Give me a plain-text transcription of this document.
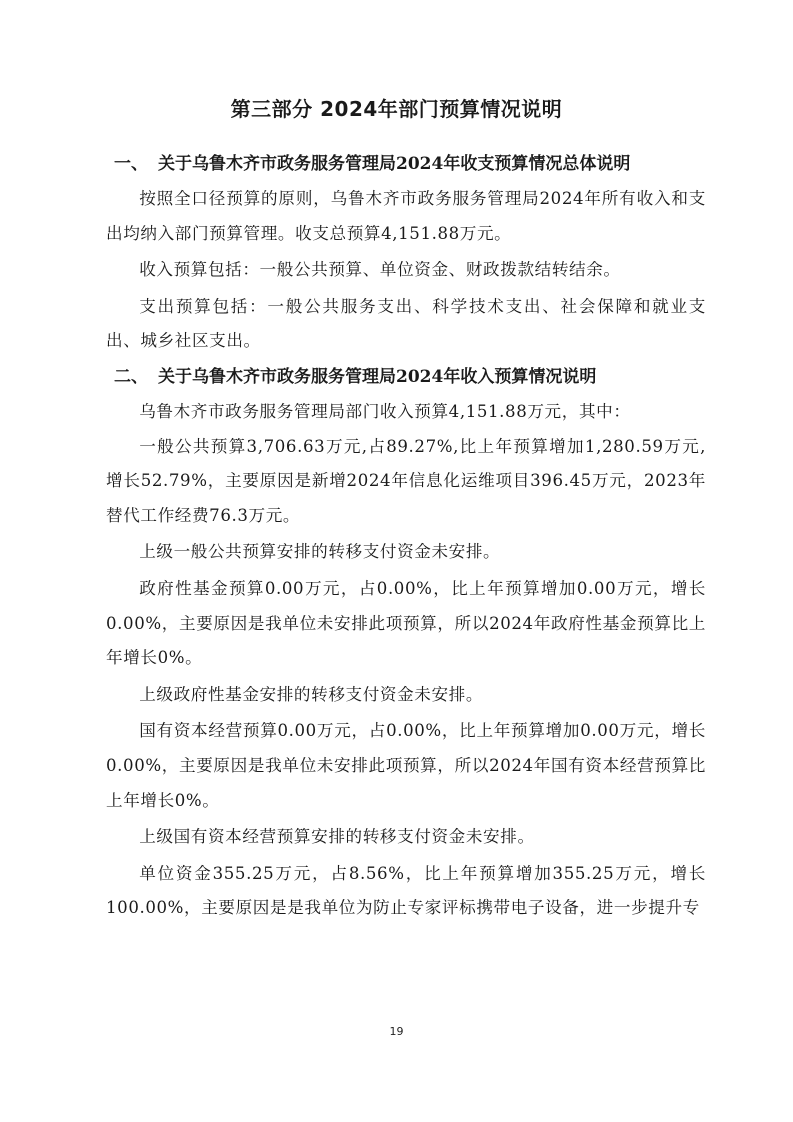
第三部分 2024年部门预算情况说明
一、 关于乌鲁木齐市政务服务管理局2024年收支预算情况总体说明

按照全口径预算的原则，乌鲁木齐市政务服务管理局2024年所有收入和支出均纳入部门预算管理。收支总预算4,151.88万元。

收入预算包括：一般公共预算、单位资金、财政拨款结转结余。

支出预算包括：一般公共服务支出、科学技术支出、社会保障和就业支出、城乡社区支出。

二、 关于乌鲁木齐市政务服务管理局2024年收入预算情况说明

乌鲁木齐市政务服务管理局部门收入预算4,151.88万元，其中：

一般公共预算3,706.63万元,占89.27%,比上年预算增加1,280.59万元,增长52.79%，主要原因是新增2024年信息化运维项目396.45万元，2023年替代工作经费76.3万元。

上级一般公共预算安排的转移支付资金未安排。

政府性基金预算0.00万元，占0.00%，比上年预算增加0.00万元，增长0.00%，主要原因是我单位未安排此项预算，所以2024年政府性基金预算比上年增长0%。

上级政府性基金安排的转移支付资金未安排。

国有资本经营预算0.00万元，占0.00%，比上年预算增加0.00万元，增长0.00%，主要原因是我单位未安排此项预算，所以2024年国有资本经营预算比上年增长0%。

上级国有资本经营预算安排的转移支付资金未安排。

单位资金355.25万元，占8.56%，比上年预算增加355.25万元，增长100.00%，主要原因是是我单位为防止专家评标携带电子设备，进一步提升专

19
